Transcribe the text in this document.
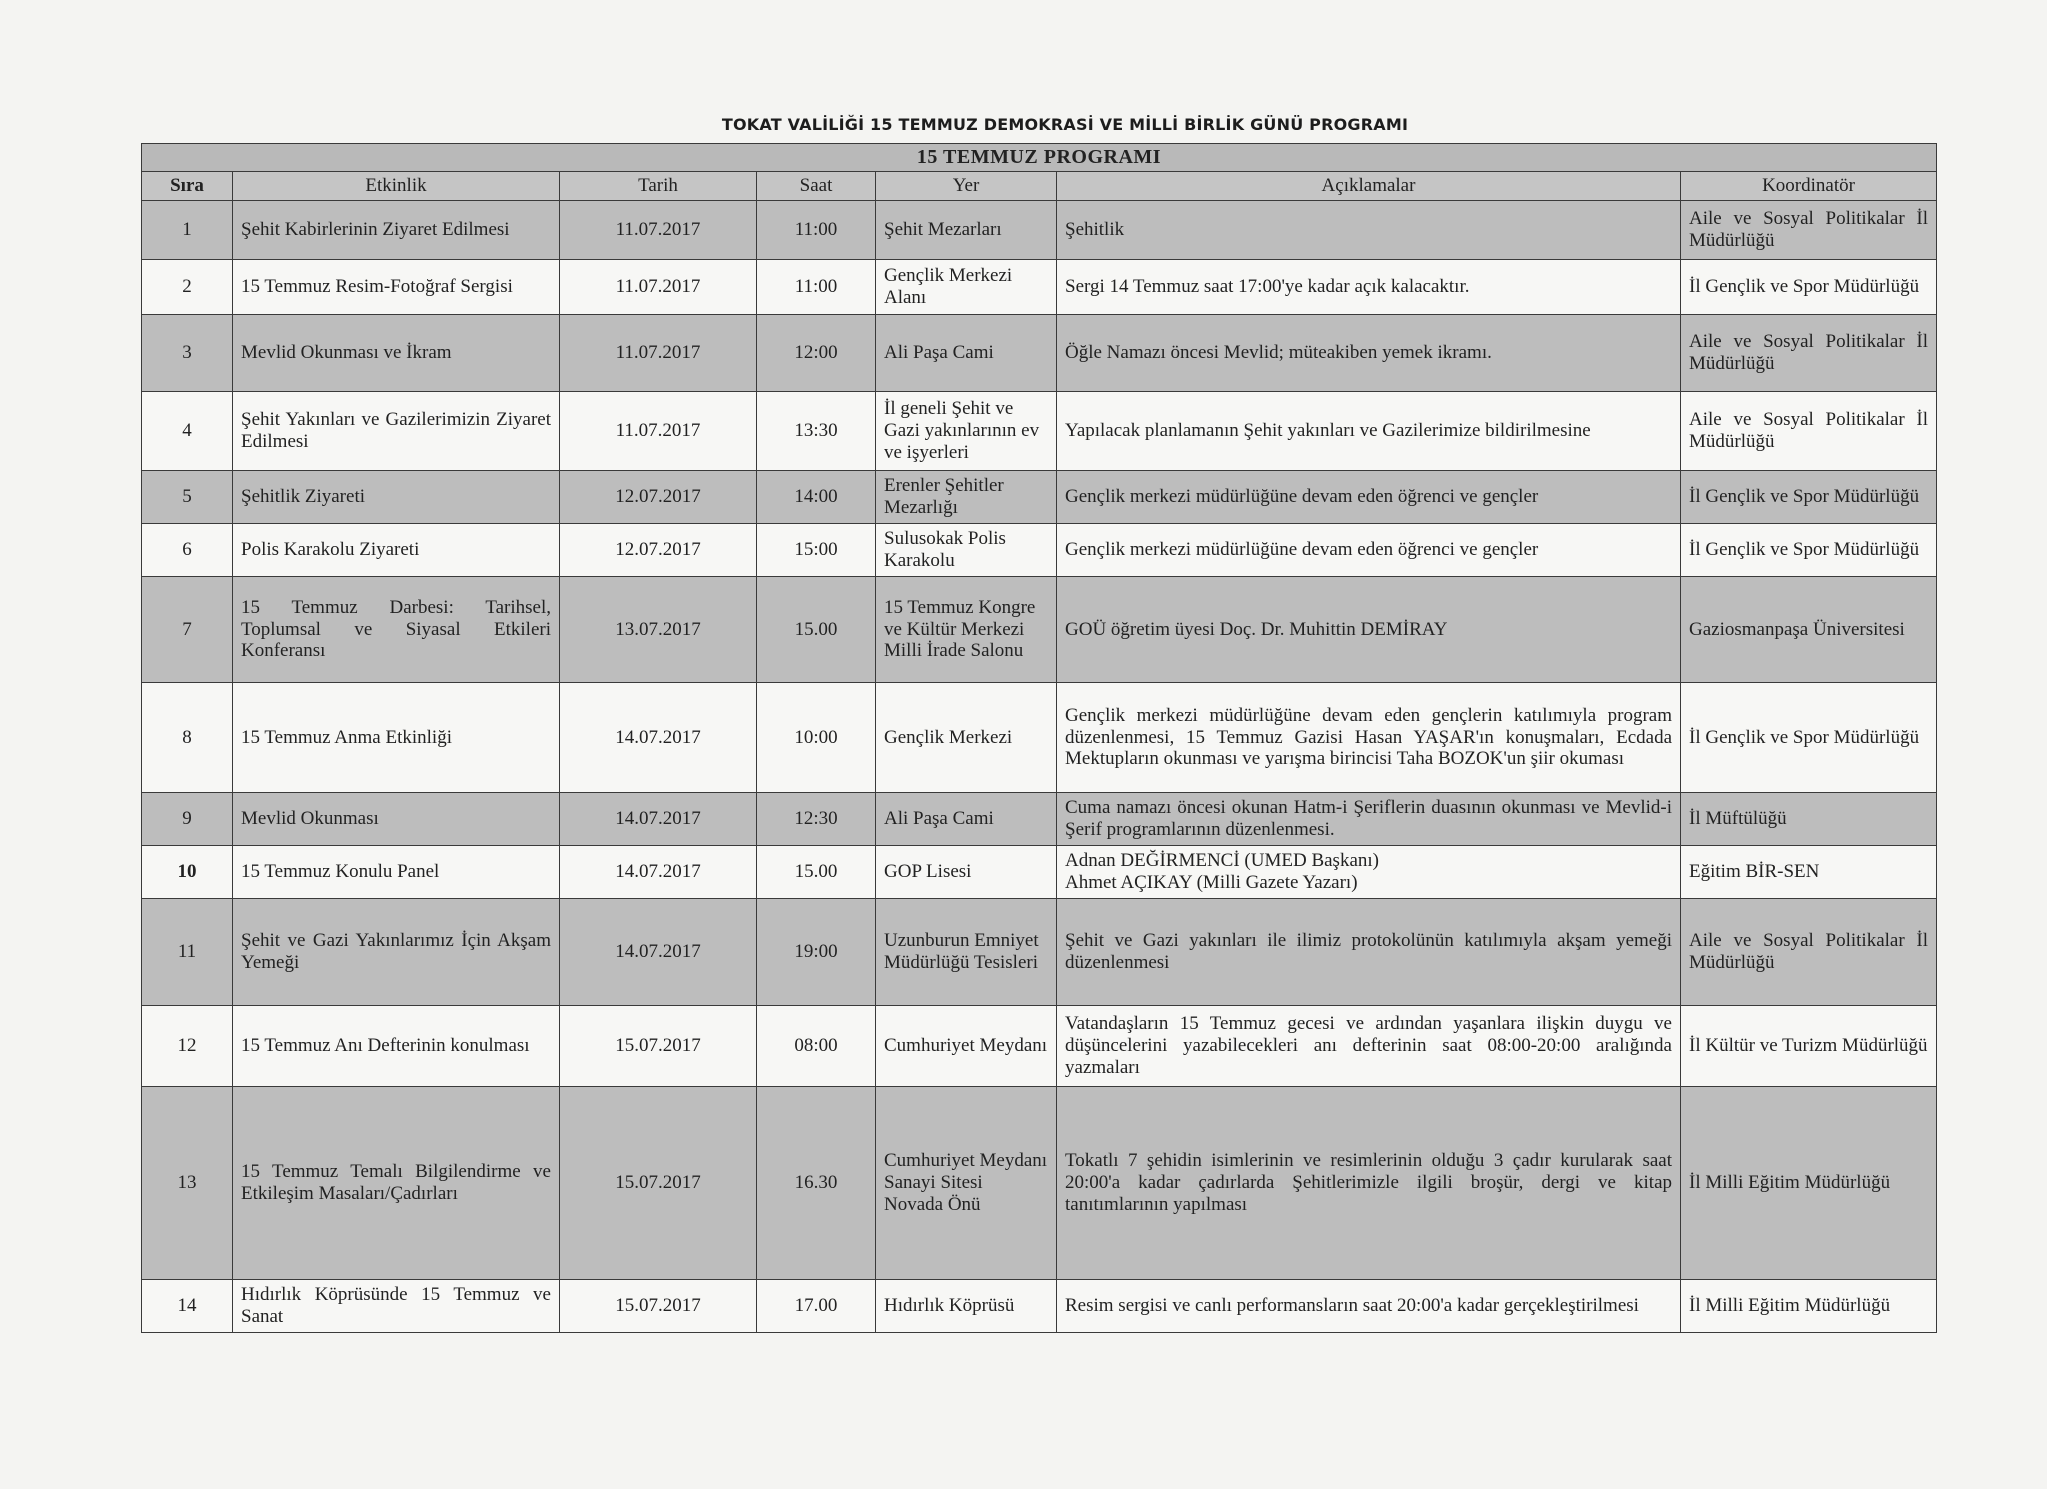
TOKAT VALİLİĞİ 15 TEMMUZ DEMOKRASİ VE MİLLİ BİRLİK GÜNÜ PROGRAMI
15 TEMMUZ PROGRAMI						
Sıra	Etkinlik	Tarih	Saat	Yer	Açıklamalar	Koordinatör
1	Şehit Kabirlerinin Ziyaret Edilmesi	11.07.2017	11:00	Şehit Mezarları	Şehitlik	Aile ve Sosyal Politikalar İl Müdürlüğü
2	15 Temmuz Resim-Fotoğraf Sergisi	11.07.2017	11:00	Gençlik Merkezi Alanı	Sergi 14 Temmuz saat 17:00'ye kadar açık kalacaktır.	İl Gençlik ve Spor Müdürlüğü
3	Mevlid Okunması ve İkram	11.07.2017	12:00	Ali Paşa Cami	Öğle Namazı öncesi Mevlid; müteakiben yemek ikramı.	Aile ve Sosyal Politikalar İl Müdürlüğü
4	Şehit Yakınları ve Gazilerimizin Ziyaret Edilmesi	11.07.2017	13:30	İl geneli Şehit ve Gazi yakınlarının ev ve işyerleri	Yapılacak planlamanın Şehit yakınları ve Gazilerimize bildirilmesine	Aile ve Sosyal Politikalar İl Müdürlüğü
5	Şehitlik Ziyareti	12.07.2017	14:00	Erenler Şehitler Mezarlığı	Gençlik merkezi müdürlüğüne devam eden öğrenci ve gençler	İl Gençlik ve Spor Müdürlüğü
6	Polis Karakolu Ziyareti	12.07.2017	15:00	Sulusokak Polis Karakolu	Gençlik merkezi müdürlüğüne devam eden öğrenci ve gençler	İl Gençlik ve Spor Müdürlüğü
7	15 Temmuz Darbesi: Tarihsel, Toplumsal ve Siyasal Etkileri Konferansı	13.07.2017	15.00	15 Temmuz Kongre ve Kültür Merkezi Milli İrade Salonu	GOÜ öğretim üyesi Doç. Dr. Muhittin DEMİRAY	Gaziosmanpaşa Üniversitesi
8	15 Temmuz Anma Etkinliği	14.07.2017	10:00	Gençlik Merkezi	Gençlik merkezi müdürlüğüne devam eden gençlerin katılımıyla program düzenlenmesi, 15 Temmuz Gazisi Hasan YAŞAR'ın konuşmaları, Ecdada Mektupların okunması ve yarışma birincisi Taha BOZOK'un şiir okuması	İl Gençlik ve Spor Müdürlüğü
9	Mevlid Okunması	14.07.2017	12:30	Ali Paşa Cami	Cuma namazı öncesi okunan Hatm-i Şeriflerin duasının okunması ve Mevlid-i Şerif programlarının düzenlenmesi.	İl Müftülüğü
10	15 Temmuz Konulu Panel	14.07.2017	15.00	GOP Lisesi	Adnan DEĞİRMENCİ (UMED Başkanı)
Ahmet AÇIKAY (Milli Gazete Yazarı)	Eğitim BİR-SEN
11	Şehit ve Gazi Yakınlarımız İçin Akşam Yemeği	14.07.2017	19:00	Uzunburun Emniyet Müdürlüğü Tesisleri	Şehit ve Gazi yakınları ile ilimiz protokolünün katılımıyla akşam yemeği düzenlenmesi	Aile ve Sosyal Politikalar İl Müdürlüğü
12	15 Temmuz Anı Defterinin konulması	15.07.2017	08:00	Cumhuriyet Meydanı	Vatandaşların 15 Temmuz gecesi ve ardından yaşanlara ilişkin duygu ve düşüncelerini yazabilecekleri anı defterinin saat 08:00-20:00 aralığında yazmaları	İl Kültür ve Turizm Müdürlüğü
13	15 Temmuz Temalı Bilgilendirme ve Etkileşim Masaları/Çadırları	15.07.2017	16.30	Cumhuriyet Meydanı
Sanayi Sitesi
Novada Önü	Tokatlı 7 şehidin isimlerinin ve resimlerinin olduğu 3 çadır kurularak saat 20:00'a kadar çadırlarda Şehitlerimizle ilgili broşür, dergi ve kitap tanıtımlarının yapılması	İl Milli Eğitim Müdürlüğü
14	Hıdırlık Köprüsünde 15 Temmuz ve Sanat	15.07.2017	17.00	Hıdırlık Köprüsü	Resim sergisi ve canlı performansların saat 20:00'a kadar gerçekleştirilmesi	İl Milli Eğitim Müdürlüğü
